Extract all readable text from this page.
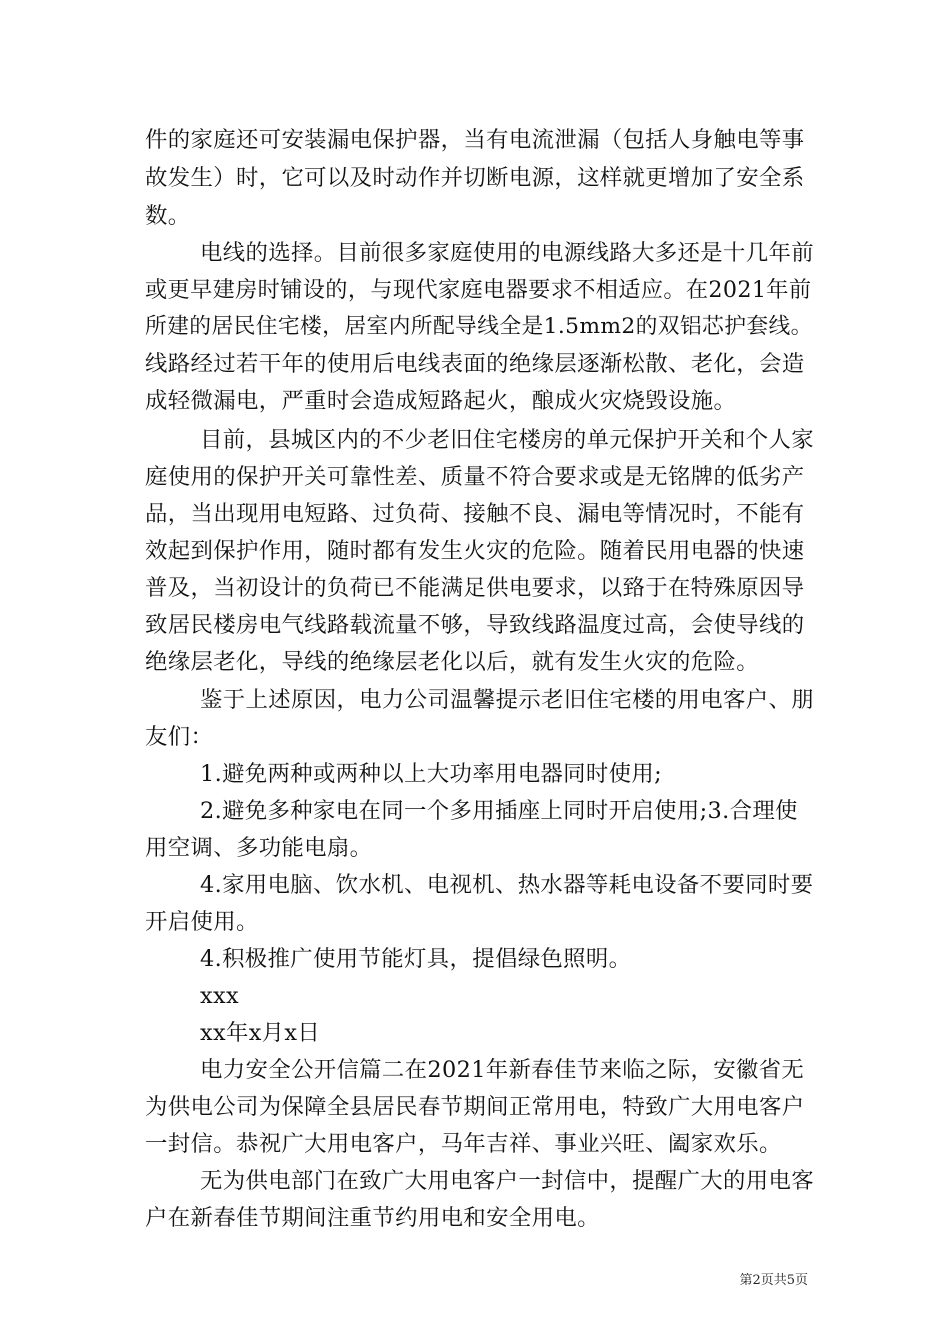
件的家庭还可安装漏电保护器，当有电流泄漏（包括人身触电等事
故发生）时，它可以及时动作并切断电源，这样就更增加了安全系
数。
电线的选择。目前很多家庭使用的电源线路大多还是十几年前
或更早建房时铺设的，与现代家庭电器要求不相适应。在2021年前
所建的居民住宅楼，居室内所配导线全是1.5mm2的双铝芯护套线。
线路经过若干年的使用后电线表面的绝缘层逐渐松散、老化，会造
成轻微漏电，严重时会造成短路起火，酿成火灾烧毁设施。
目前，县城区内的不少老旧住宅楼房的单元保护开关和个人家
庭使用的保护开关可靠性差、质量不符合要求或是无铭牌的低劣产
品，当出现用电短路、过负荷、接触不良、漏电等情况时，不能有
效起到保护作用，随时都有发生火灾的危险。随着民用电器的快速
普及，当初设计的负荷已不能满足供电要求，以臵于在特殊原因导
致居民楼房电气线路载流量不够，导致线路温度过高，会使导线的
绝缘层老化，导线的绝缘层老化以后，就有发生火灾的危险。
鉴于上述原因，电力公司温馨提示老旧住宅楼的用电客户、朋
友们：
1.避免两种或两种以上大功率用电器同时使用;
2.避免多种家电在同一个多用插座上同时开启使用;3.合理使
用空调、多功能电扇。
4.家用电脑、饮水机、电视机、热水器等耗电设备不要同时要
开启使用。
4.积极推广使用节能灯具，提倡绿色照明。
xxx
xx年x月x日
电力安全公开信篇二在2021年新春佳节来临之际，安徽省无
为供电公司为保障全县居民春节期间正常用电，特致广大用电客户
一封信。恭祝广大用电客户，马年吉祥、事业兴旺、阖家欢乐。
无为供电部门在致广大用电客户一封信中，提醒广大的用电客
户在新春佳节期间注重节约用电和安全用电。
第2页共5页
